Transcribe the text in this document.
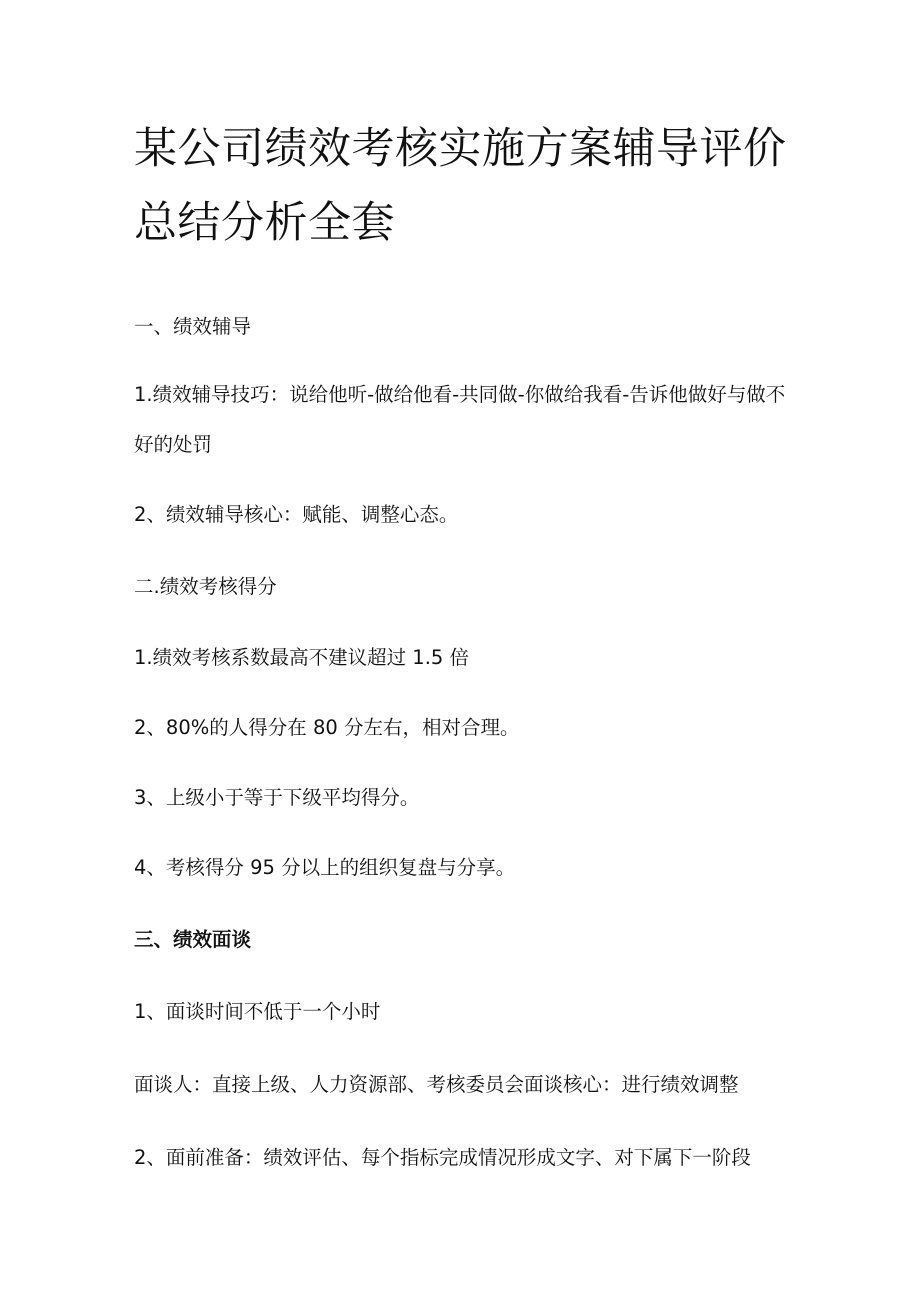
某公司绩效考核实施方案辅导评价总结分析全套

一、绩效辅导

1.绩效辅导技巧：说给他听-做给他看-共同做-你做给我看-告诉他做好与做不好的处罚

2、绩效辅导核心：赋能、调整心态。

二.绩效考核得分

1.绩效考核系数最高不建议超过 1.5 倍

2、80%的人得分在 80 分左右，相对合理。

3、上级小于等于下级平均得分。

4、考核得分 95 分以上的组织复盘与分享。

三、绩效面谈

1、面谈时间不低于一个小时

面谈人：直接上级、人力资源部、考核委员会面谈核心：进行绩效调整

2、面前准备：绩效评估、每个指标完成情况形成文字、对下属下一阶段
